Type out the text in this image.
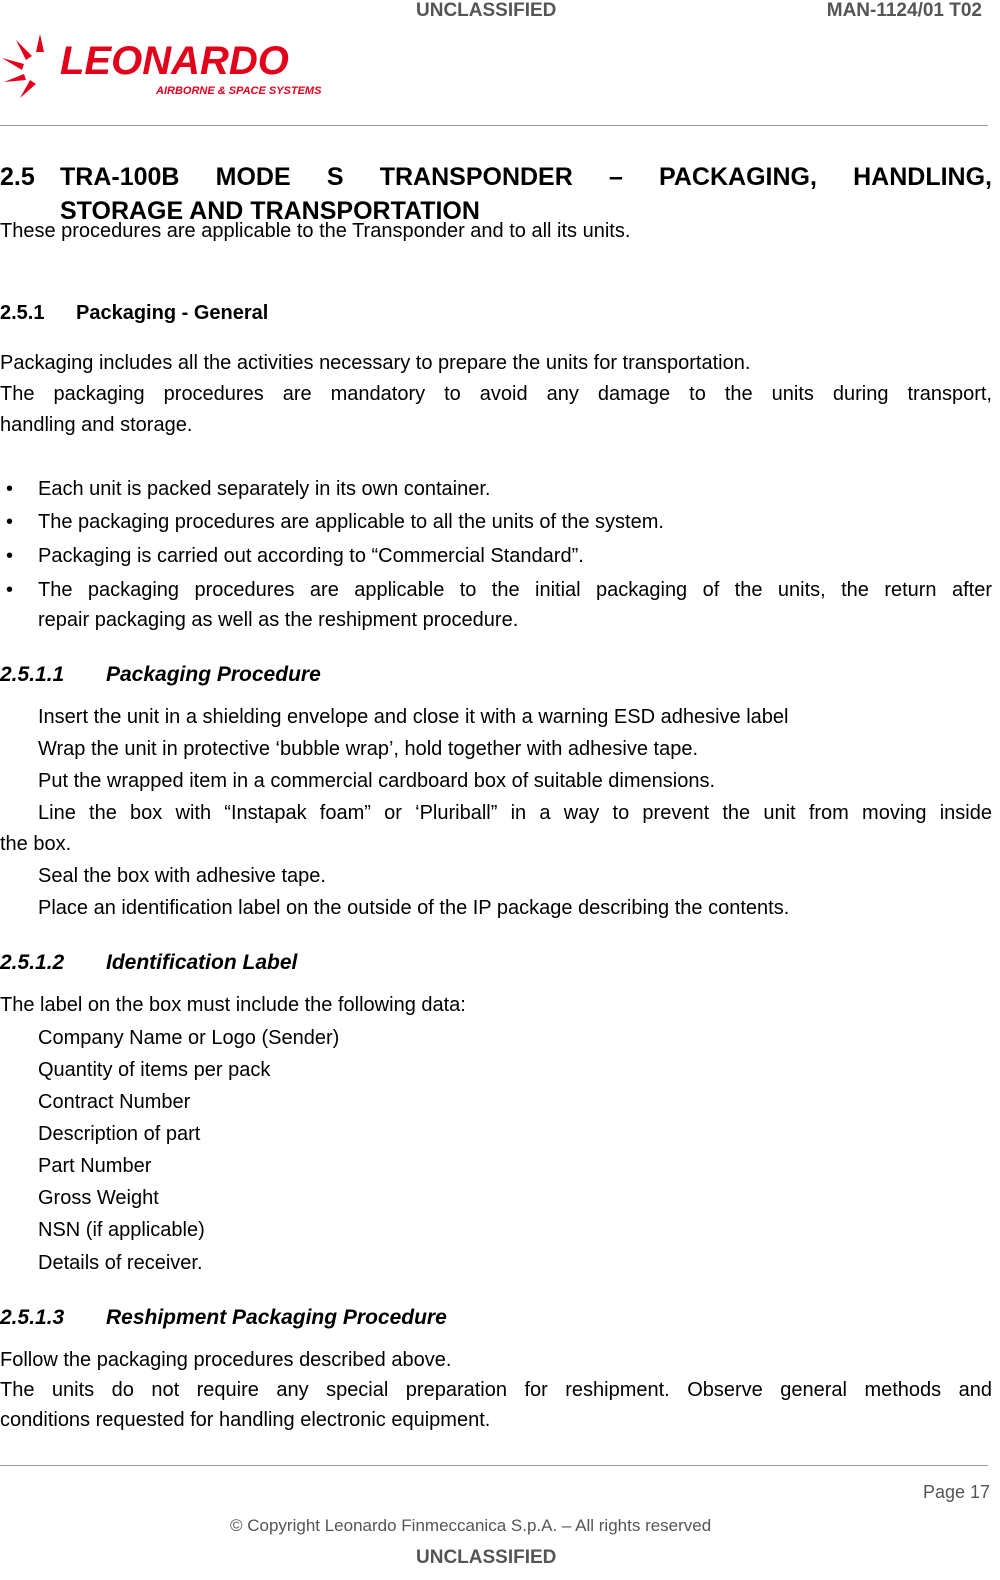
UNCLASSIFIED	MAN-1124/01 T02
LEONARDO
AIRBORNE & SPACE SYSTEMS
2.5 TRA-100B MODE S TRANSPONDER – PACKAGING, HANDLING,
STORAGE AND TRANSPORTATION
These procedures are applicable to the Transponder and to all its units.
2.5.1 Packaging - General
Packaging includes all the activities necessary to prepare the units for transportation.
The packaging procedures are mandatory to avoid any damage to the units during transport,
handling and storage.
• Each unit is packed separately in its own container.
• The packaging procedures are applicable to all the units of the system.
• Packaging is carried out according to “Commercial Standard”.
• The packaging procedures are applicable to the initial packaging of the units, the return after
repair packaging as well as the reshipment procedure.
2.5.1.1 Packaging Procedure
Insert the unit in a shielding envelope and close it with a warning ESD adhesive label
Wrap the unit in protective ‘bubble wrap’, hold together with adhesive tape.
Put the wrapped item in a commercial cardboard box of suitable dimensions.
Line the box with “Instapak foam” or ‘Pluriball” in a way to prevent the unit from moving inside
the box.
Seal the box with adhesive tape.
Place an identification label on the outside of the IP package describing the contents.
2.5.1.2 Identification Label
The label on the box must include the following data:
Company Name or Logo (Sender)
Quantity of items per pack
Contract Number
Description of part
Part Number
Gross Weight
NSN (if applicable)
Details of receiver.
2.5.1.3 Reshipment Packaging Procedure
Follow the packaging procedures described above.
The units do not require any special preparation for reshipment. Observe general methods and
conditions requested for handling electronic equipment.
Page 17
© Copyright Leonardo Finmeccanica S.p.A. – All rights reserved
UNCLASSIFIED
